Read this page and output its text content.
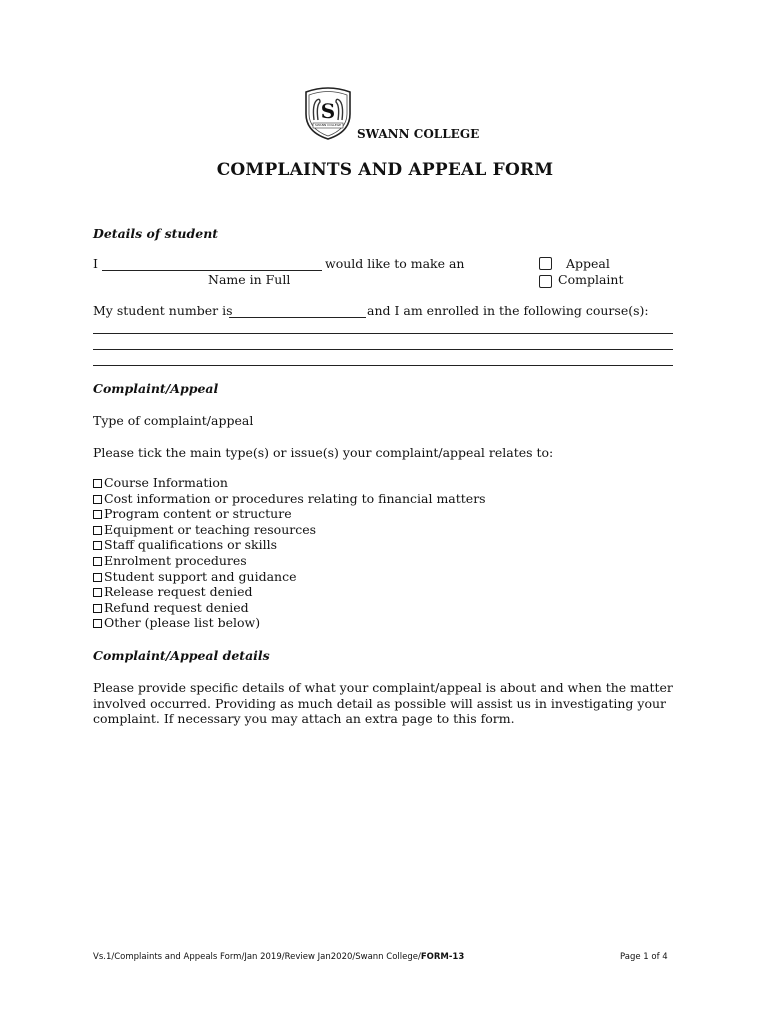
S
SWANN COLLEGE
SWANN COLLEGE
COMPLAINTS AND APPEAL FORM
Details of student
I	would like to make an
Name in Full
Appeal
Complaint
My student number is	and I am enrolled in the following course(s):
Complaint/Appeal
Type of complaint/appeal
Please tick the main type(s) or issue(s) your complaint/appeal relates to:
Course Information
Cost information or procedures relating to financial matters
Program content or structure
Equipment or teaching resources
Staff qualifications or skills
Enrolment procedures
Student support and guidance
Release request denied
Refund request denied
Other (please list below)
Complaint/Appeal details
Please provide specific details of what your complaint/appeal is about and when the matter
involved occurred. Providing as much detail as possible will assist us in investigating your
complaint. If necessary you may attach an extra page to this form.
Vs.1/Complaints and Appeals Form/Jan 2019/Review Jan2020/Swann College/FORM-13	Page 1 of 4
